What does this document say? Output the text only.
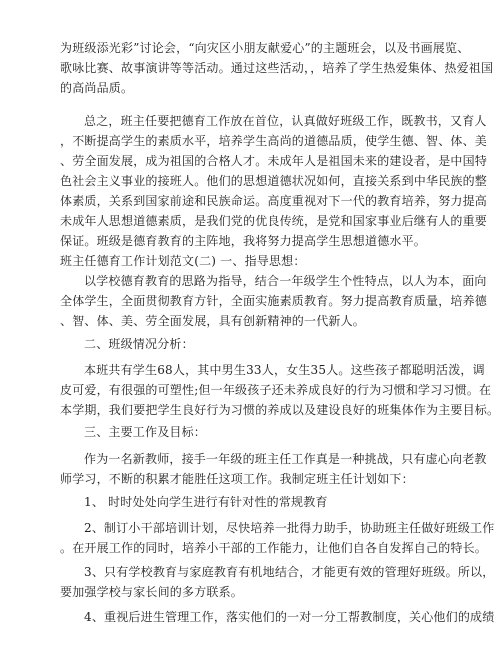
为班级添光彩”讨论会，“向灾区小朋友献爱心”的主题班会，以及书画展览、
歌咏比赛、故事演讲等等活动。通过这些活动，，培养了学生热爱集体、热爱祖国
的高尚品质。
总之，班主任要把德育工作放在首位，认真做好班级工作，既教书，又育人
，不断提高学生的素质水平，培养学生高尚的道德品质，使学生德、智、体、美
、劳全面发展，成为祖国的合格人才。未成年人是祖国未来的建设者，是中国特
色社会主义事业的接班人。他们的思想道德状况如何，直接关系到中华民族的整
体素质，关系到国家前途和民族命运。高度重视对下一代的教育培养，努力提高
未成年人思想道德素质，是我们党的优良传统，是党和国家事业后继有人的重要
保证。班级是德育教育的主阵地，我将努力提高学生思想道德水平。
班主任德育工作计划范文(二) 一、指导思想：
以学校德育教育的思路为指导，结合一年级学生个性特点，以人为本，面向
全体学生，全面贯彻教育方针，全面实施素质教育。努力提高教育质量，培养德
、智、体、美、劳全面发展，具有创新精神的一代新人。
二、班级情况分析：
本班共有学生68人，其中男生33人，女生35人。这些孩子都聪明活泼，调
皮可爱，有很强的可塑性;但一年级孩子还未养成良好的行为习惯和学习习惯。在
本学期，我们要把学生良好行为习惯的养成以及建设良好的班集体作为主要目标。
三、主要工作及目标：
作为一名新教师，接手一年级的班主任工作真是一种挑战，只有虚心向老教
师学习，不断的积累才能胜任这项工作。我制定班主任计划如下：
1、 时时处处向学生进行有针对性的常规教育
2、制订小干部培训计划，尽快培养一批得力助手，协助班主任做好班级工作
。在开展工作的同时，培养小干部的工作能力，让他们自各自发挥自己的特长。
3、只有学校教育与家庭教育有机地结合，才能更有效的管理好班级。所以，
要加强学校与家长间的多方联系。
4、重视后进生管理工作，落实他们的一对一分工帮教制度，关心他们的成绩
